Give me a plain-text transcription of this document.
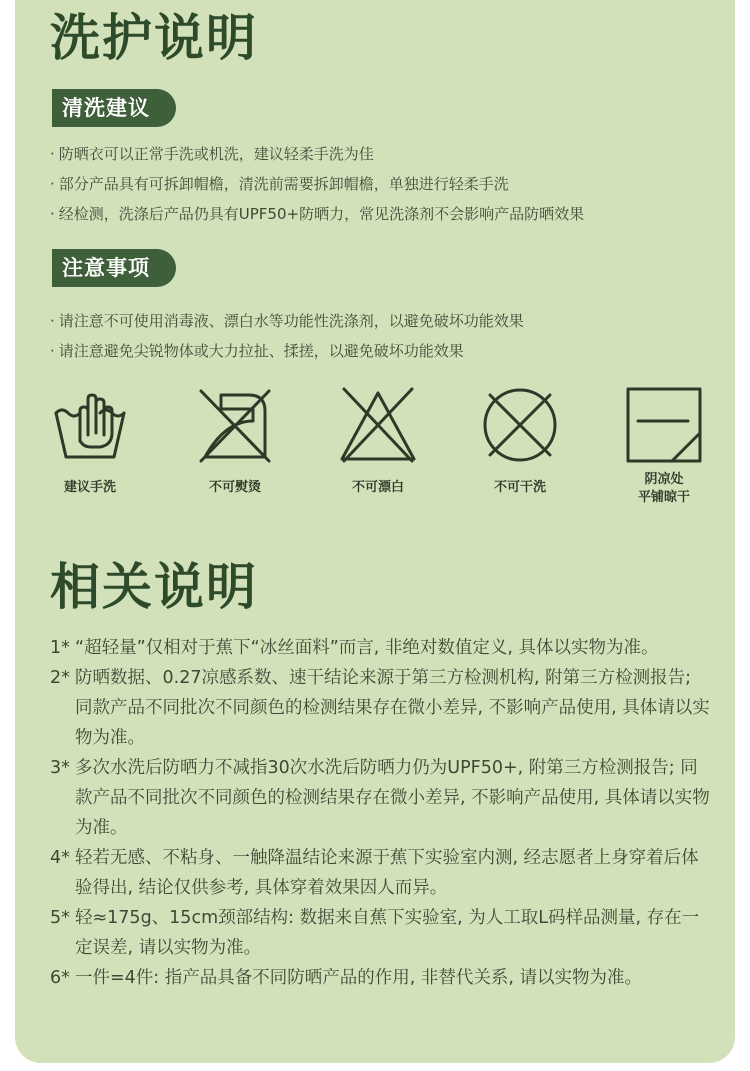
洗护说明
清洗建议
· 防晒衣可以正常手洗或机洗，建议轻柔手洗为佳
· 部分产品具有可拆卸帽檐，清洗前需要拆卸帽檐，单独进行轻柔手洗
· 经检测，洗涤后产品仍具有UPF50+防晒力，常见洗涤剂不会影响产品防晒效果
注意事项
· 请注意不可使用消毒液、漂白水等功能性洗涤剂，以避免破坏功能效果
· 请注意避免尖锐物体或大力拉扯、揉搓，以避免破坏功能效果
建议手洗	不可熨烫	不可漂白	不可干洗
阴凉处
平铺晾干
相关说明
1* “超轻量”仅相对于蕉下“冰丝面料”而言, 非绝对数值定义, 具体以实物为准。
2* 防晒数据、0.27凉感系数、速干结论来源于第三方检测机构, 附第三方检测报告; 同款产品不同批次不同颜色的检测结果存在微小差异, 不影响产品使用, 具体请以实物为准。
3* 多次水洗后防晒力不减指30次水洗后防晒力仍为UPF50+, 附第三方检测报告; 同款产品不同批次不同颜色的检测结果存在微小差异, 不影响产品使用, 具体请以实物为准。
4* 轻若无感、不粘身、一触降温结论来源于蕉下实验室内测, 经志愿者上身穿着后体验得出, 结论仅供参考, 具体穿着效果因人而异。
5* 轻≈175g、15cm颈部结构: 数据来自蕉下实验室, 为人工取L码样品测量, 存在一定误差, 请以实物为准。
6* 一件=4件: 指产品具备不同防晒产品的作用, 非替代关系, 请以实物为准。
